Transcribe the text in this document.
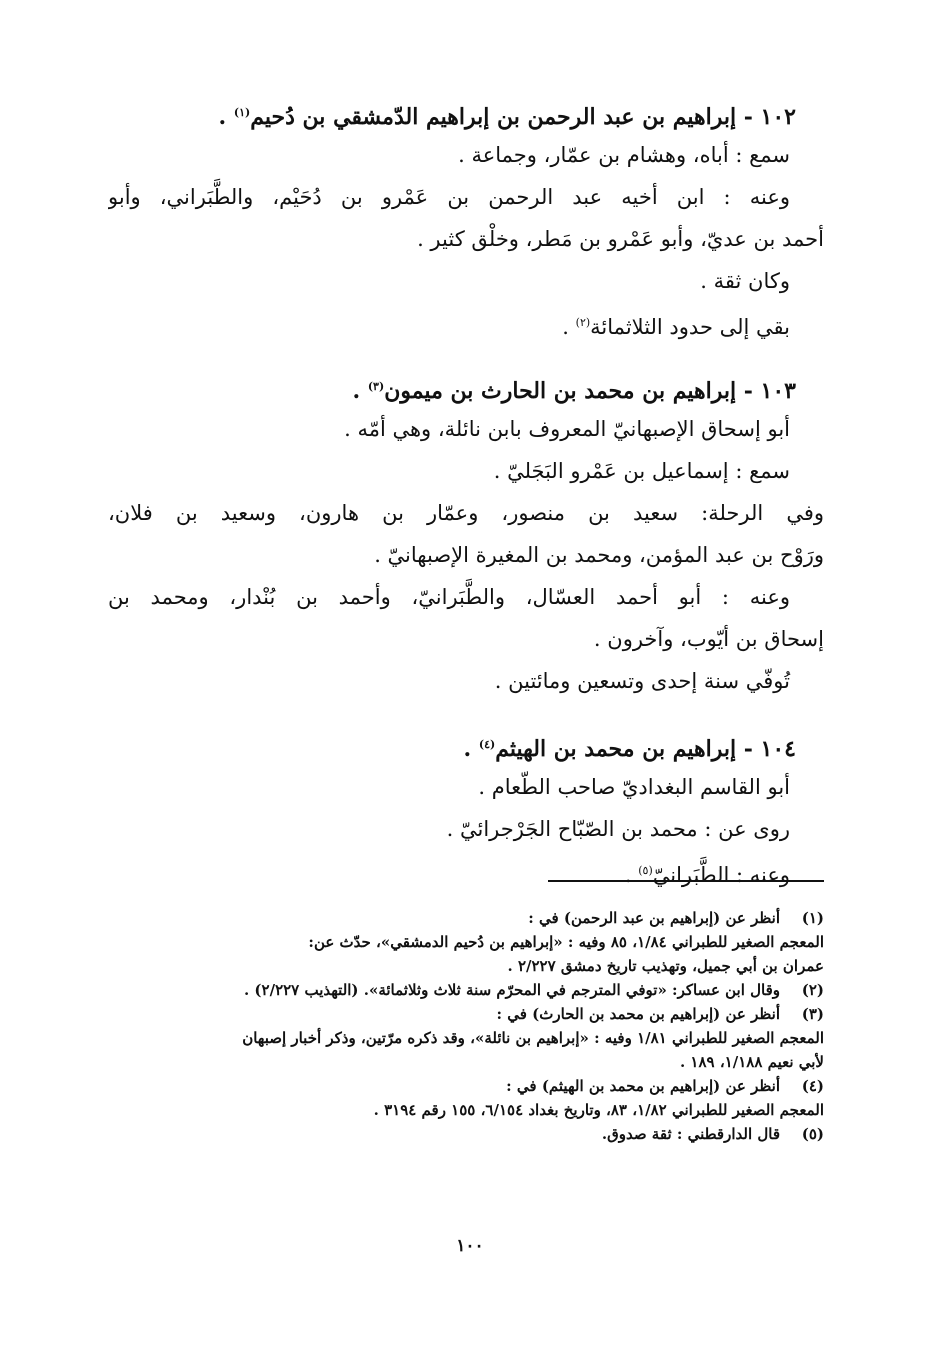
١٠٢ - إبراهيم بن عبد الرحمن بن إبراهيم الدّمشقي بن دُحيم$^{(١)}$ .
سمع : أباه، وهشام بن عمّار، وجماعة .
وعنه : ابن أخيه عبد الرحمن بن عَمْرو بن دُحَيْم، والطَّبَراني، وأبو
أحمد بن عديّ، وأبو عَمْرو بن مَطر، وخلْق كثير .
وكان ثقة .
بقي إلى حدود الثلاثمائة$^{(٢)}$ .
١٠٣ - إبراهيم بن محمد بن الحارث بن ميمون$^{(٣)}$ .
أبو إسحاق الإصبهانيّ المعروف بابن نائلة، وهي أمّه .
سمع : إسماعيل بن عَمْرو البَجَليّ .
وفي الرحلة: سعيد بن منصور، وعمّار بن هارون، وسعيد بن فلان،
ورَوْح بن عبد المؤمن، ومحمد بن المغيرة الإصبهانيّ .
وعنه : أبو أحمد العسّال، والطَّبَرانيّ، وأحمد بن بُنْدار، ومحمد بن
إسحاق بن أيّوب، وآخرون .
تُوفّي سنة إحدى وتسعين ومائتين .
١٠٤ - إبراهيم بن محمد بن الهيثم$^{(٤)}$ .
أبو القاسم البغداديّ صاحب الطّعام .
روى عن : محمد بن الصّبّاح الجَرْجرائيّ .
وعنه : الطَّبَرانيّ$^{(٥)}$ .
(١)
أنظر عن (إبراهيم بن عبد الرحمن) في :
المعجم الصغير للطبراني ١/٨٤، ٨٥ وفيه : «إبراهيم بن دُحيم الدمشقي»، حدّث عن:
عمران بن أبي جميل، وتهذيب تاريخ دمشق ٢/٢٢٧ .
(٢)
وقال ابن عساكر: «توفي المترجم في المحرّم سنة ثلاث وثلاثمائة». (التهذيب ٢/٢٢٧) .
(٣)
أنظر عن (إبراهيم بن محمد بن الحارث) في :
المعجم الصغير للطبراني ١/٨١ وفيه : «إبراهيم بن نائلة»، وقد ذكره مرّتين، وذكر أخبار إصبهان
لأبي نعيم ١/١٨٨، ١٨٩ .
(٤)
أنظر عن (إبراهيم بن محمد بن الهيثم) في :
المعجم الصغير للطبراني ١/٨٢، ٨٣، وتاريخ بغداد ٦/١٥٤، ١٥٥ رقم ٣١٩٤ .
(٥)
قال الدارقطني : ثقة صدوق.
١٠٠
